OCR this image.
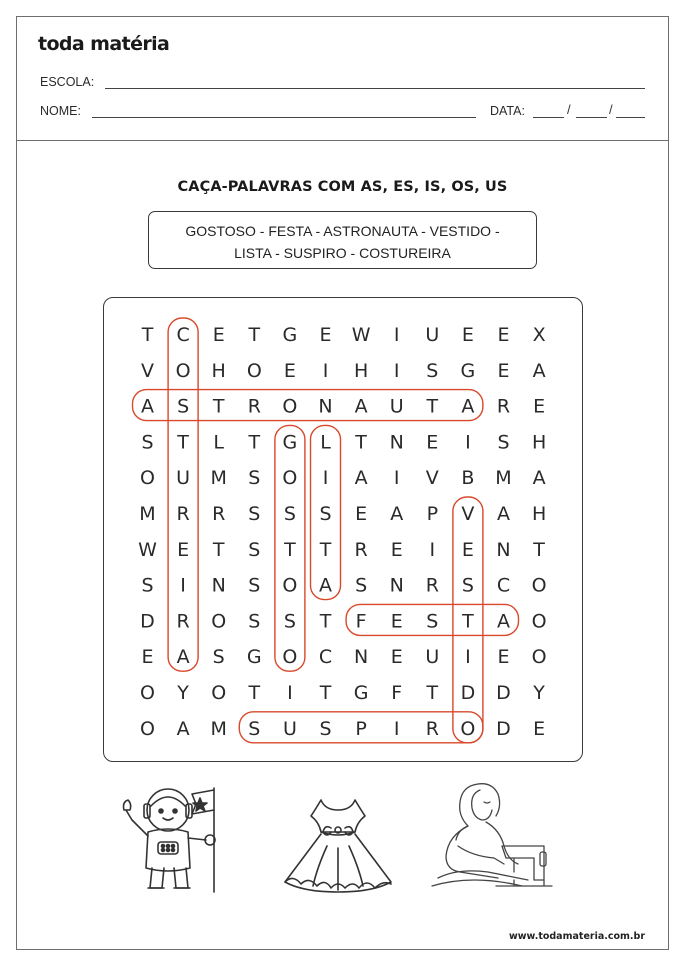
toda matéria
ESCOLA:
NOME:	DATA:	/	/
CAÇA-PALAVRAS COM AS, ES, IS, OS, US
GOSTOSO - FESTA - ASTRONAUTA - VESTIDO -
LISTA - SUSPIRO - COSTUREIRA
T C E T G E W I U E E X
V O H O E I H I S G E A
A S T R O N A U T A R E
S T L T G L T N E I S H
O U M S O I A I V B M A
M R R S S S E A P V A H
W E T S T T R E I E N T
S I N S O A S N R S C O
D R O S S T F E S T A O
E A S G O C N E U I E O
O Y O T I T G F T D D Y
O A M S U S P I R O D E
www.todamateria.com.br
